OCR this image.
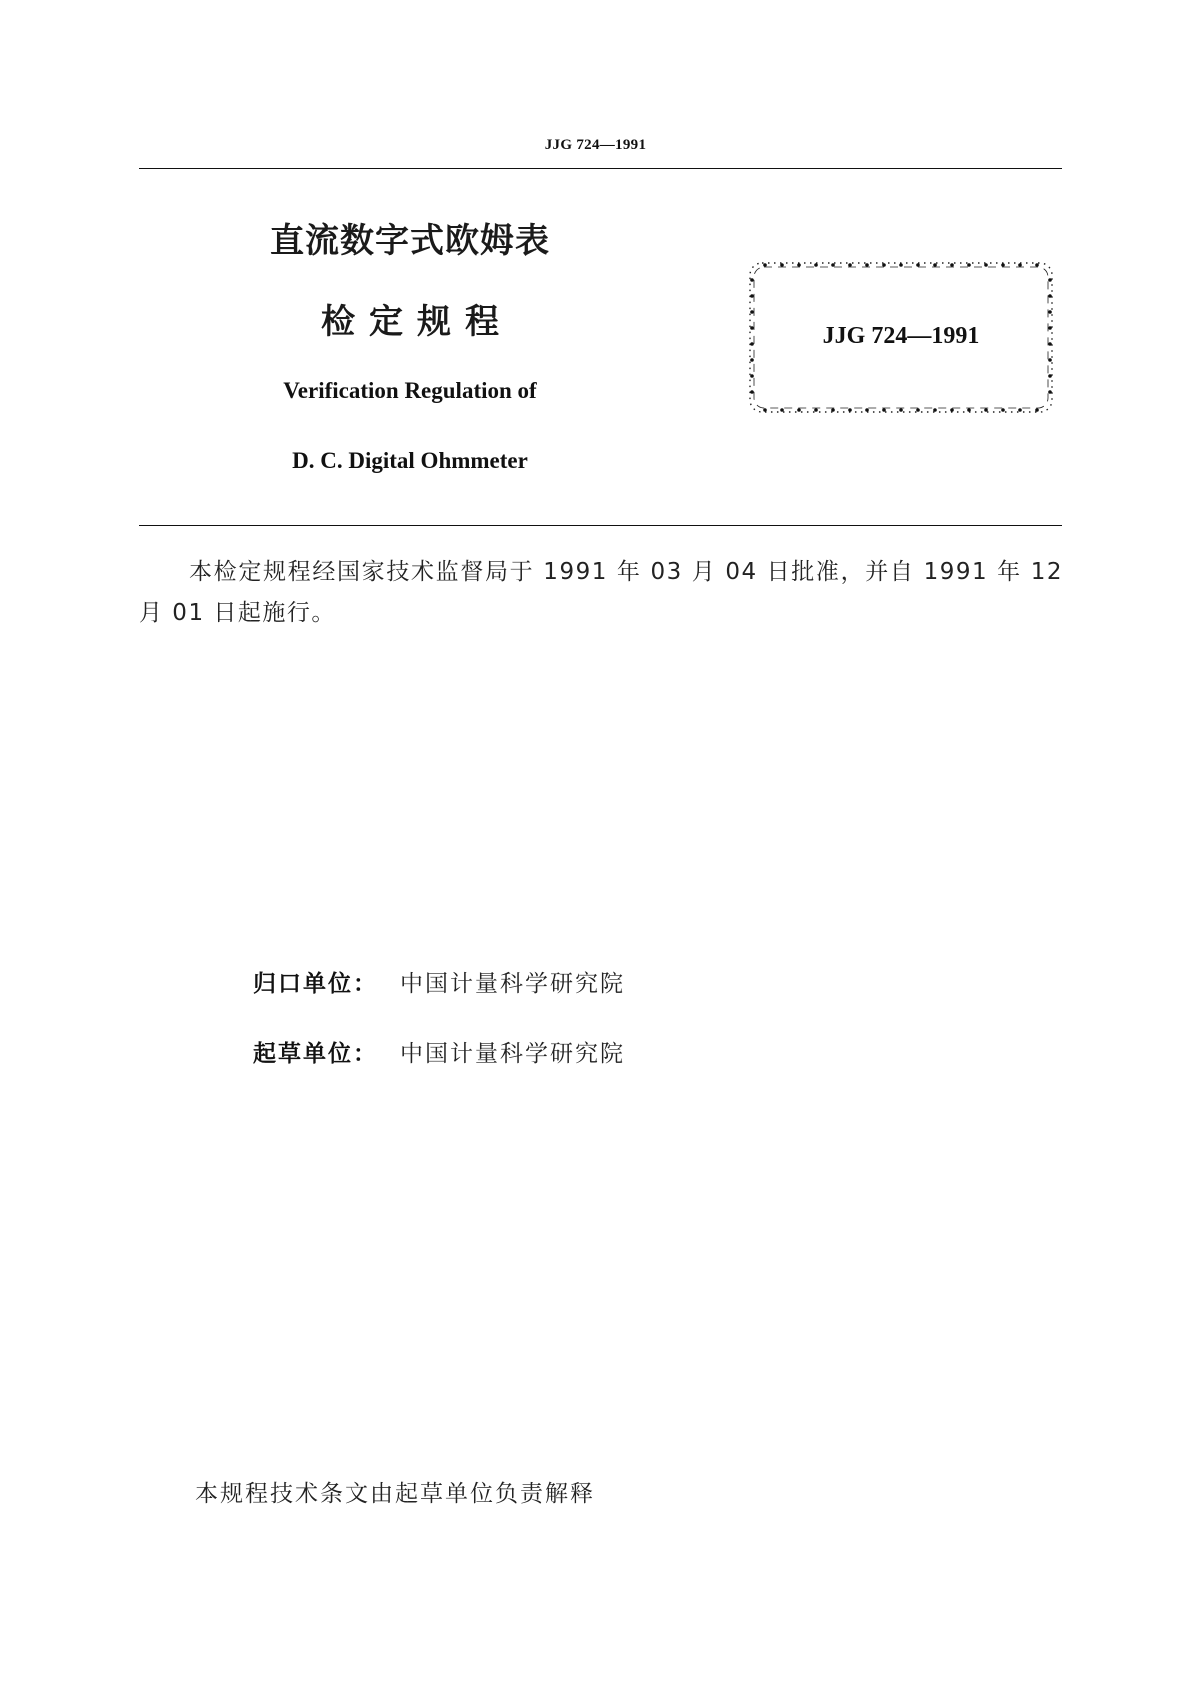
JJG 724—1991
直流数字式欧姆表
检定规程
Verification Regulation of
D. C. Digital Ohmmeter
JJG 724—1991
本检定规程经国家技术监督局于 1991 年 03 月 04 日批准，并自 1991 年 12 月 01 日起施行。
归口单位： 中国计量科学研究院
起草单位： 中国计量科学研究院
本规程技术条文由起草单位负责解释
